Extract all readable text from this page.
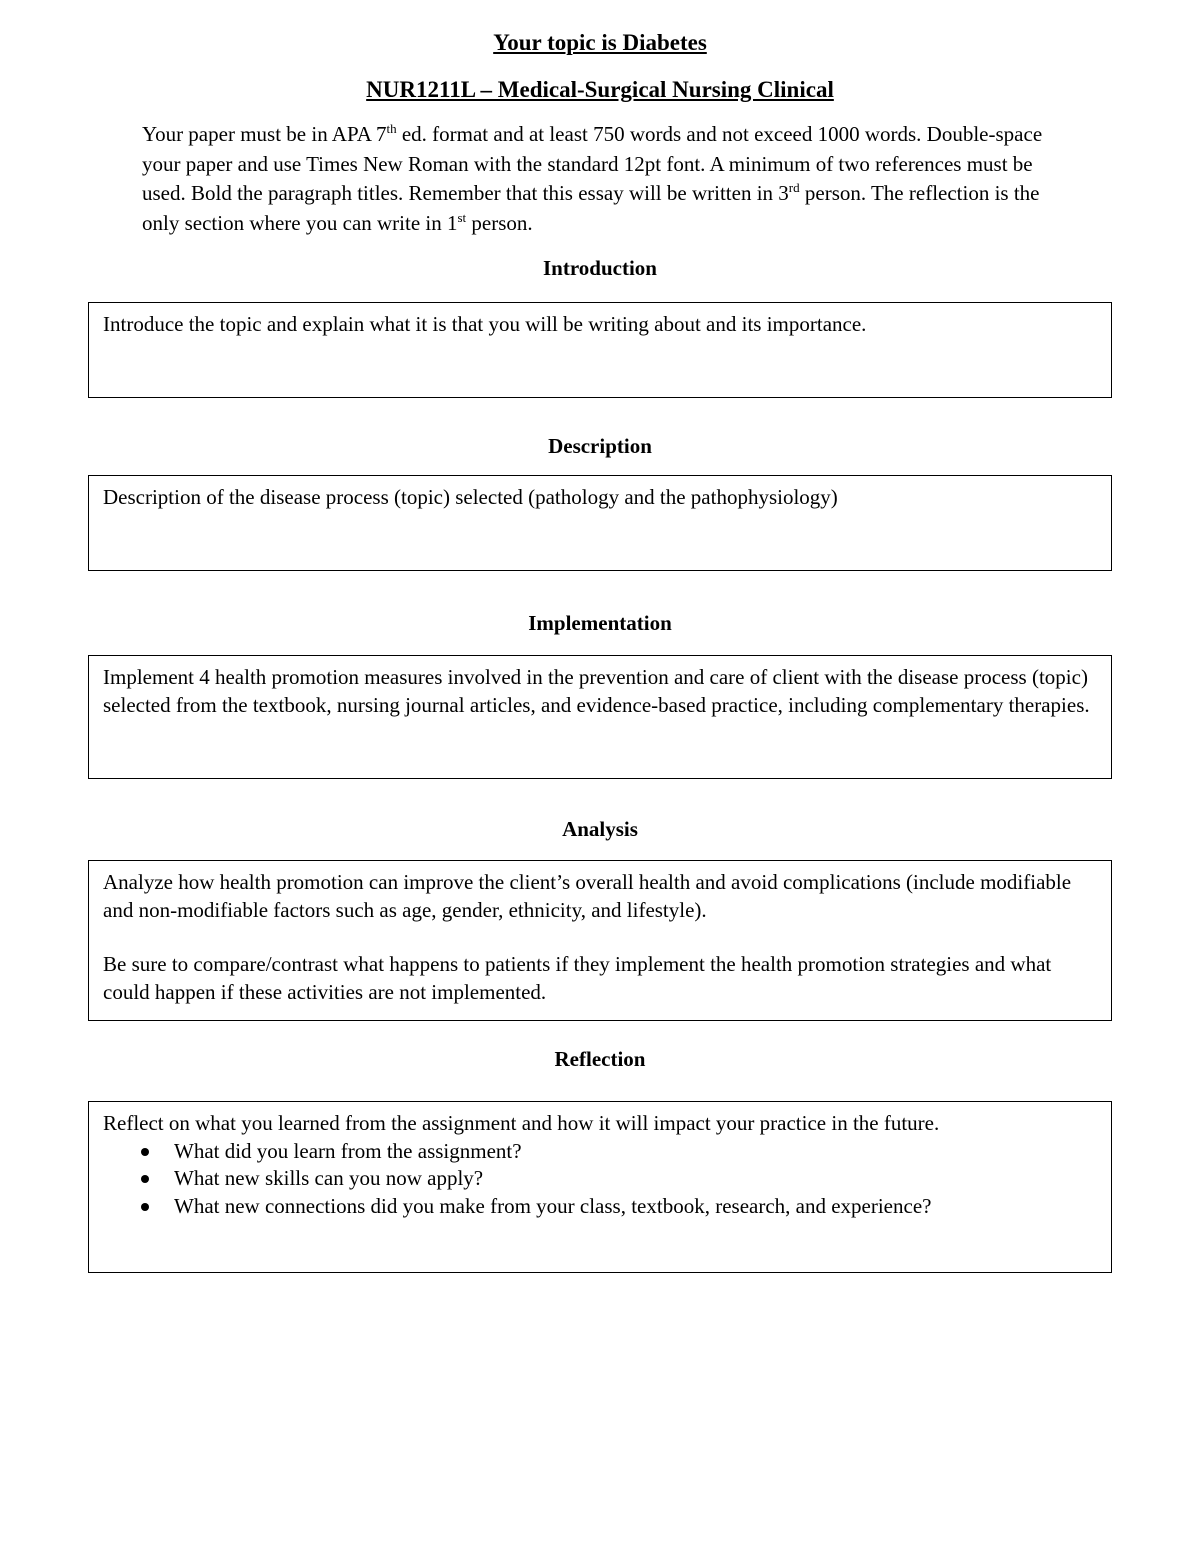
Your topic is Diabetes
NUR1211L – Medical-Surgical Nursing Clinical
Your paper must be in APA 7th ed. format and at least 750 words and not exceed 1000 words. Double-space your paper and use Times New Roman with the standard 12pt font. A minimum of two references must be used. Bold the paragraph titles. Remember that this essay will be written in 3rd person. The reflection is the only section where you can write in 1st person.
Introduction

Introduce the topic and explain what it is that you will be writing about and its importance.

Description

Description of the disease process (topic) selected (pathology and the pathophysiology)

Implementation

Implement 4 health promotion measures involved in the prevention and care of client with the disease process (topic) selected from the textbook, nursing journal articles, and evidence-based practice, including complementary therapies.

Analysis

Analyze how health promotion can improve the client’s overall health and avoid complications (include modifiable and non-modifiable factors such as age, gender, ethnicity, and lifestyle).

Be sure to compare/contrast what happens to patients if they implement the health promotion strategies and what could happen if these activities are not implemented.

Reflection

Reflect on what you learned from the assignment and how it will impact your practice in the future.

What did you learn from the assignment?
What new skills can you now apply?
What new connections did you make from your class, textbook, research, and experience?
